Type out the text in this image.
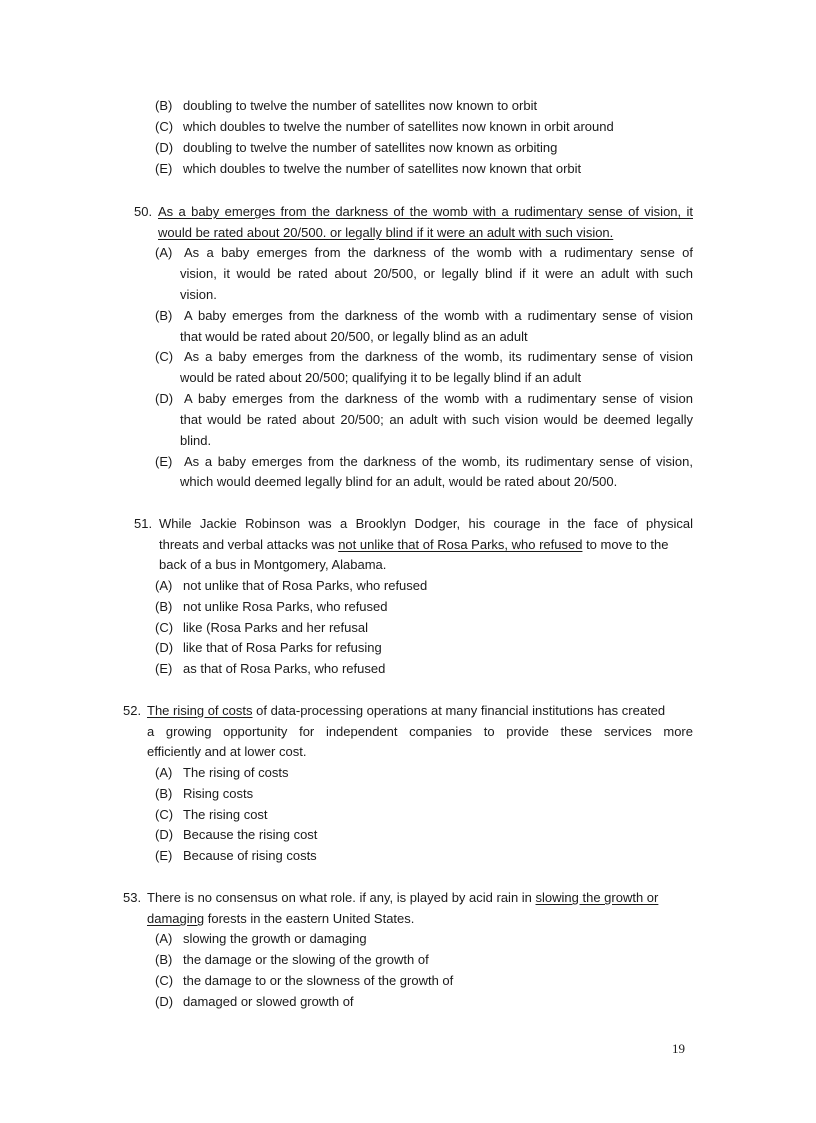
(B) doubling to twelve the number of satellites now known to orbit
(C) which doubles to twelve the number of satellites now known in orbit around
(D) doubling to twelve the number of satellites now known as orbiting
(E) which doubles to twelve the number of satellites now known that orbit
50. As a baby emerges from the darkness of the womb with a rudimentary sense of vision, it
would be rated about 20/500. or legally blind if it were an adult with such vision.
(A) As a baby emerges from the darkness of the womb with a rudimentary sense of
vision, it would be rated about 20/500, or legally blind if it were an adult with such
vision.
(B) A baby emerges from the darkness of the womb with a rudimentary sense of vision
that would be rated about 20/500, or legally blind as an adult
(C) As a baby emerges from the darkness of the womb, its rudimentary sense of vision
would be rated about 20/500; qualifying it to be legally blind if an adult
(D) A baby emerges from the darkness of the womb with a rudimentary sense of vision
that would be rated about 20/500; an adult with such vision would be deemed legally
blind.
(E) As a baby emerges from the darkness of the womb, its rudimentary sense of vision,
which would deemed legally blind for an adult, would be rated about 20/500.
51. While Jackie Robinson was a Brooklyn Dodger, his courage in the face of physical
threats and verbal attacks was not unlike that of Rosa Parks, who refused to move to the
back of a bus in Montgomery, Alabama.
(A) not unlike that of Rosa Parks, who refused
(B) not unlike Rosa Parks, who refused
(C) like (Rosa Parks and her refusal
(D) like that of Rosa Parks for refusing
(E) as that of Rosa Parks, who refused
52. The rising of costs of data-processing operations at many financial institutions has created
a growing opportunity for independent companies to provide these services more
efficiently and at lower cost.
(A) The rising of costs
(B) Rising costs
(C) The rising cost
(D) Because the rising cost
(E) Because of rising costs
53. There is no consensus on what role. if any, is played by acid rain in slowing the growth or
damaging forests in the eastern United States.
(A) slowing the growth or damaging
(B) the damage or the slowing of the growth of
(C) the damage to or the slowness of the growth of
(D) damaged or slowed growth of
19
